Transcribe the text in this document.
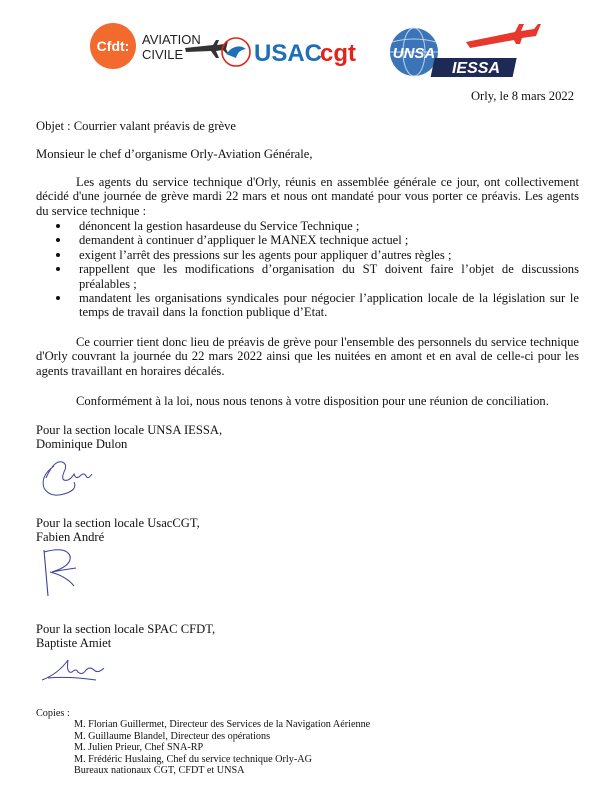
Cfdt: AVIATION
CIVILE	USAC
cgt UNSA
IESSA
Orly, le 8 mars 2022
Objet : Courrier valant préavis de grève
Monsieur le chef d’organisme Orly-Aviation Générale,
Les agents du service technique d'Orly, réunis en assemblée générale ce jour, ont collectivement décidé d'une journée de grève mardi 22 mars et nous ont mandaté pour vous porter ce préavis. Les agents du service technique :
dénoncent la gestion hasardeuse du Service Technique ;
demandent à continuer d’appliquer le MANEX technique actuel ;
exigent l’arrêt des pressions sur les agents pour appliquer d’autres règles ;
rappellent que les modifications d’organisation du ST doivent faire l’objet de discussions préalables ;
mandatent les organisations syndicales pour négocier l’application locale de la législation sur le temps de travail dans la fonction publique d’Etat.
Ce courrier tient donc lieu de préavis de grève pour l'ensemble des personnels du service technique d'Orly couvrant la journée du 22 mars 2022 ainsi que les nuitées en amont et en aval de celle-ci pour les agents travaillant en horaires décalés.
Conformément à la loi, nous nous tenons à votre disposition pour une réunion de conciliation.
Pour la section locale UNSA IESSA,
Dominique Dulon
Pour la section locale UsacCGT,
Fabien André
Pour la section locale SPAC CFDT,
Baptiste Amiet
Copies :
M. Florian Guillermet, Directeur des Services de la Navigation Aérienne
M. Guillaume Blandel, Directeur des opérations
M. Julien Prieur, Chef SNA-RP
M. Frédéric Huslaing, Chef du service technique Orly-AG
Bureaux nationaux CGT, CFDT et UNSA
